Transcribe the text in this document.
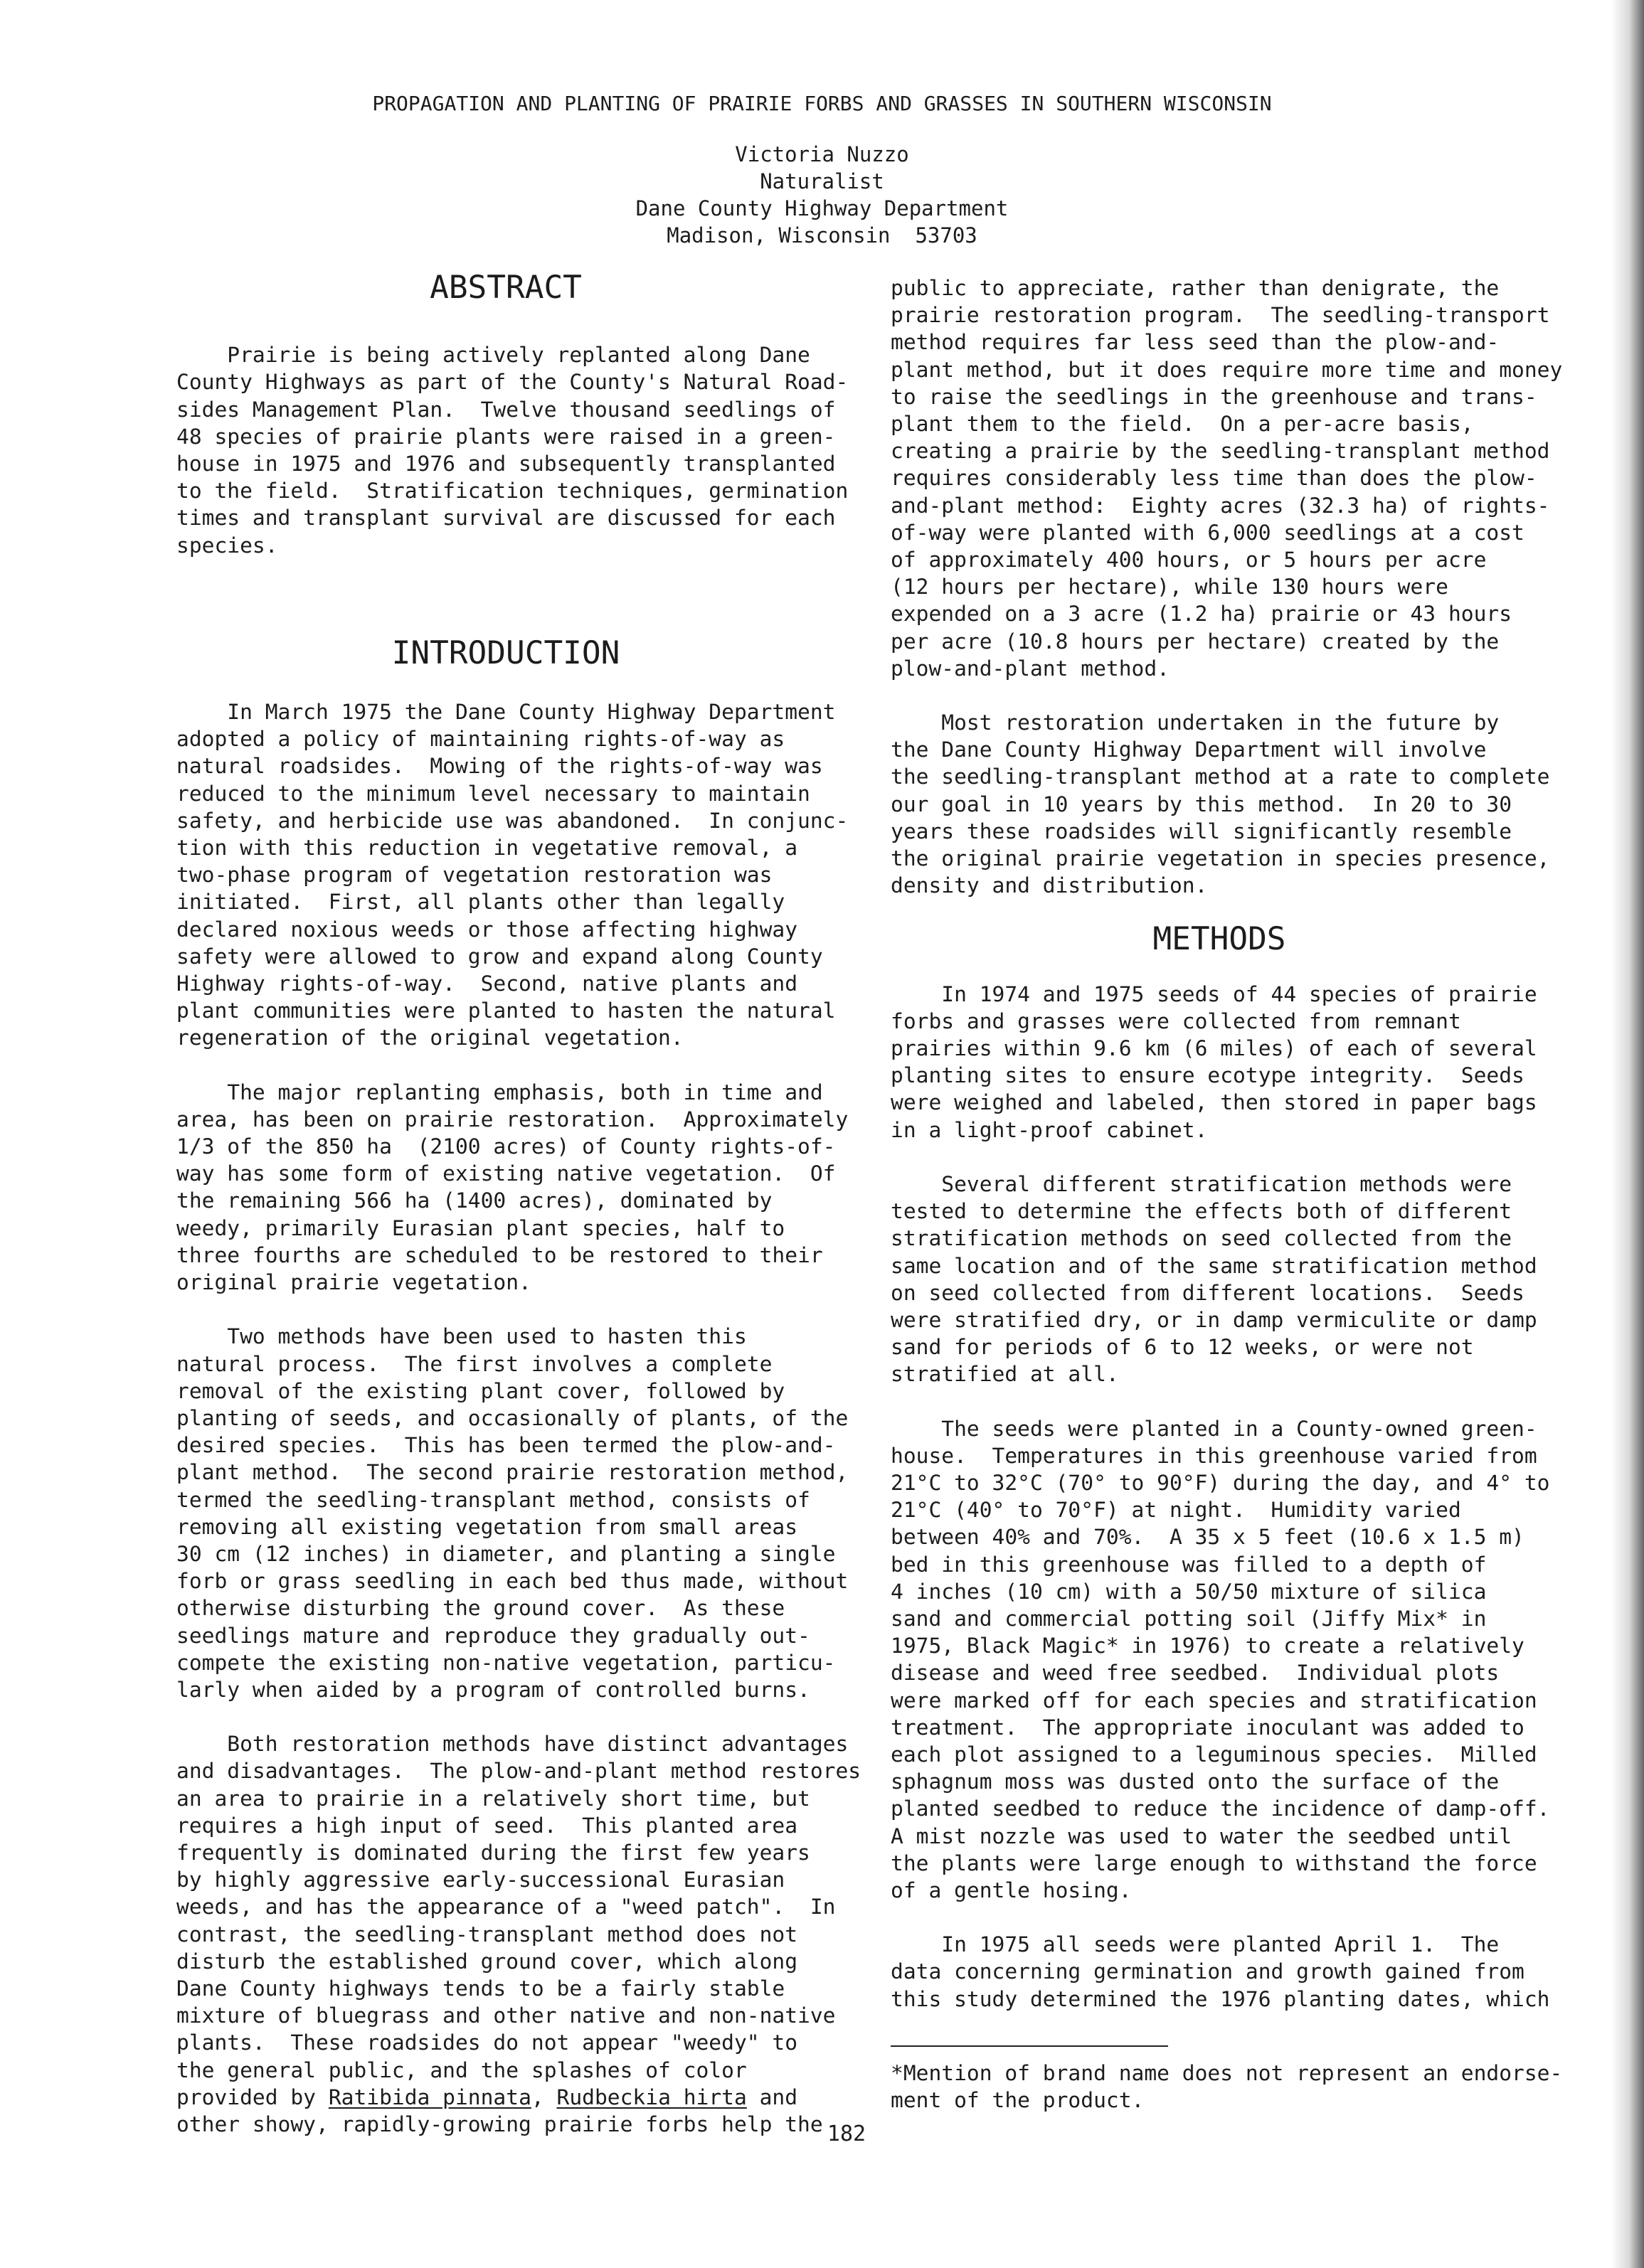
PROPAGATION AND PLANTING OF PRAIRIE FORBS AND GRASSES IN SOUTHERN WISCONSIN
Victoria Nuzzo
Naturalist
Dane County Highway Department
Madison, Wisconsin  53703
ABSTRACT
Prairie is being actively replanted along Dane
County Highways as part of the County's Natural Road-
sides Management Plan.  Twelve thousand seedlings of
48 species of prairie plants were raised in a green-
house in 1975 and 1976 and subsequently transplanted
to the field.  Stratification techniques, germination
times and transplant survival are discussed for each
species.
INTRODUCTION
In March 1975 the Dane County Highway Department
adopted a policy of maintaining rights-of-way as
natural roadsides.  Mowing of the rights-of-way was
reduced to the minimum level necessary to maintain
safety, and herbicide use was abandoned.  In conjunc-
tion with this reduction in vegetative removal, a
two-phase program of vegetation restoration was
initiated.  First, all plants other than legally
declared noxious weeds or those affecting highway
safety were allowed to grow and expand along County
Highway rights-of-way.  Second, native plants and
plant communities were planted to hasten the natural
regeneration of the original vegetation.
The major replanting emphasis, both in time and
area, has been on prairie restoration.  Approximately
1/3 of the 850 ha  (2100 acres) of County rights-of-
way has some form of existing native vegetation.  Of
the remaining 566 ha (1400 acres), dominated by
weedy, primarily Eurasian plant species, half to
three fourths are scheduled to be restored to their
original prairie vegetation.
Two methods have been used to hasten this
natural process.  The first involves a complete
removal of the existing plant cover, followed by
planting of seeds, and occasionally of plants, of the
desired species.  This has been termed the plow-and-
plant method.  The second prairie restoration method,
termed the seedling-transplant method, consists of
removing all existing vegetation from small areas
30 cm (12 inches) in diameter, and planting a single
forb or grass seedling in each bed thus made, without
otherwise disturbing the ground cover.  As these
seedlings mature and reproduce they gradually out-
compete the existing non-native vegetation, particu-
larly when aided by a program of controlled burns.
Both restoration methods have distinct advantages
and disadvantages.  The plow-and-plant method restores
an area to prairie in a relatively short time, but
requires a high input of seed.  This planted area
frequently is dominated during the first few years
by highly aggressive early-successional Eurasian
weeds, and has the appearance of a "weed patch".  In
contrast, the seedling-transplant method does not
disturb the established ground cover, which along
Dane County highways tends to be a fairly stable
mixture of bluegrass and other native and non-native
plants.  These roadsides do not appear "weedy" to
the general public, and the splashes of color
provided by Ratibida pinnata, Rudbeckia hirta and
other showy, rapidly-growing prairie forbs help the
public to appreciate, rather than denigrate, the
prairie restoration program.  The seedling-transport
method requires far less seed than the plow-and-
plant method, but it does require more time and money
to raise the seedlings in the greenhouse and trans-
plant them to the field.  On a per-acre basis,
creating a prairie by the seedling-transplant method
requires considerably less time than does the plow-
and-plant method:  Eighty acres (32.3 ha) of rights-
of-way were planted with 6,000 seedlings at a cost
of approximately 400 hours, or 5 hours per acre
(12 hours per hectare), while 130 hours were
expended on a 3 acre (1.2 ha) prairie or 43 hours
per acre (10.8 hours per hectare) created by the
plow-and-plant method.
Most restoration undertaken in the future by
the Dane County Highway Department will involve
the seedling-transplant method at a rate to complete
our goal in 10 years by this method.  In 20 to 30
years these roadsides will significantly resemble
the original prairie vegetation in species presence,
density and distribution.
METHODS
In 1974 and 1975 seeds of 44 species of prairie
forbs and grasses were collected from remnant
prairies within 9.6 km (6 miles) of each of several
planting sites to ensure ecotype integrity.  Seeds
were weighed and labeled, then stored in paper bags
in a light-proof cabinet.
Several different stratification methods were
tested to determine the effects both of different
stratification methods on seed collected from the
same location and of the same stratification method
on seed collected from different locations.  Seeds
were stratified dry, or in damp vermiculite or damp
sand for periods of 6 to 12 weeks, or were not
stratified at all.
The seeds were planted in a County-owned green-
house.  Temperatures in this greenhouse varied from
21°C to 32°C (70° to 90°F) during the day, and 4° to
21°C (40° to 70°F) at night.  Humidity varied
between 40% and 70%.  A 35 x 5 feet (10.6 x 1.5 m)
bed in this greenhouse was filled to a depth of
4 inches (10 cm) with a 50/50 mixture of silica
sand and commercial potting soil (Jiffy Mix* in
1975, Black Magic* in 1976) to create a relatively
disease and weed free seedbed.  Individual plots
were marked off for each species and stratification
treatment.  The appropriate inoculant was added to
each plot assigned to a leguminous species.  Milled
sphagnum moss was dusted onto the surface of the
planted seedbed to reduce the incidence of damp-off.
A mist nozzle was used to water the seedbed until
the plants were large enough to withstand the force
of a gentle hosing.
In 1975 all seeds were planted April 1.  The
data concerning germination and growth gained from
this study determined the 1976 planting dates, which
*Mention of brand name does not represent an endorse-
ment of the product.
182
